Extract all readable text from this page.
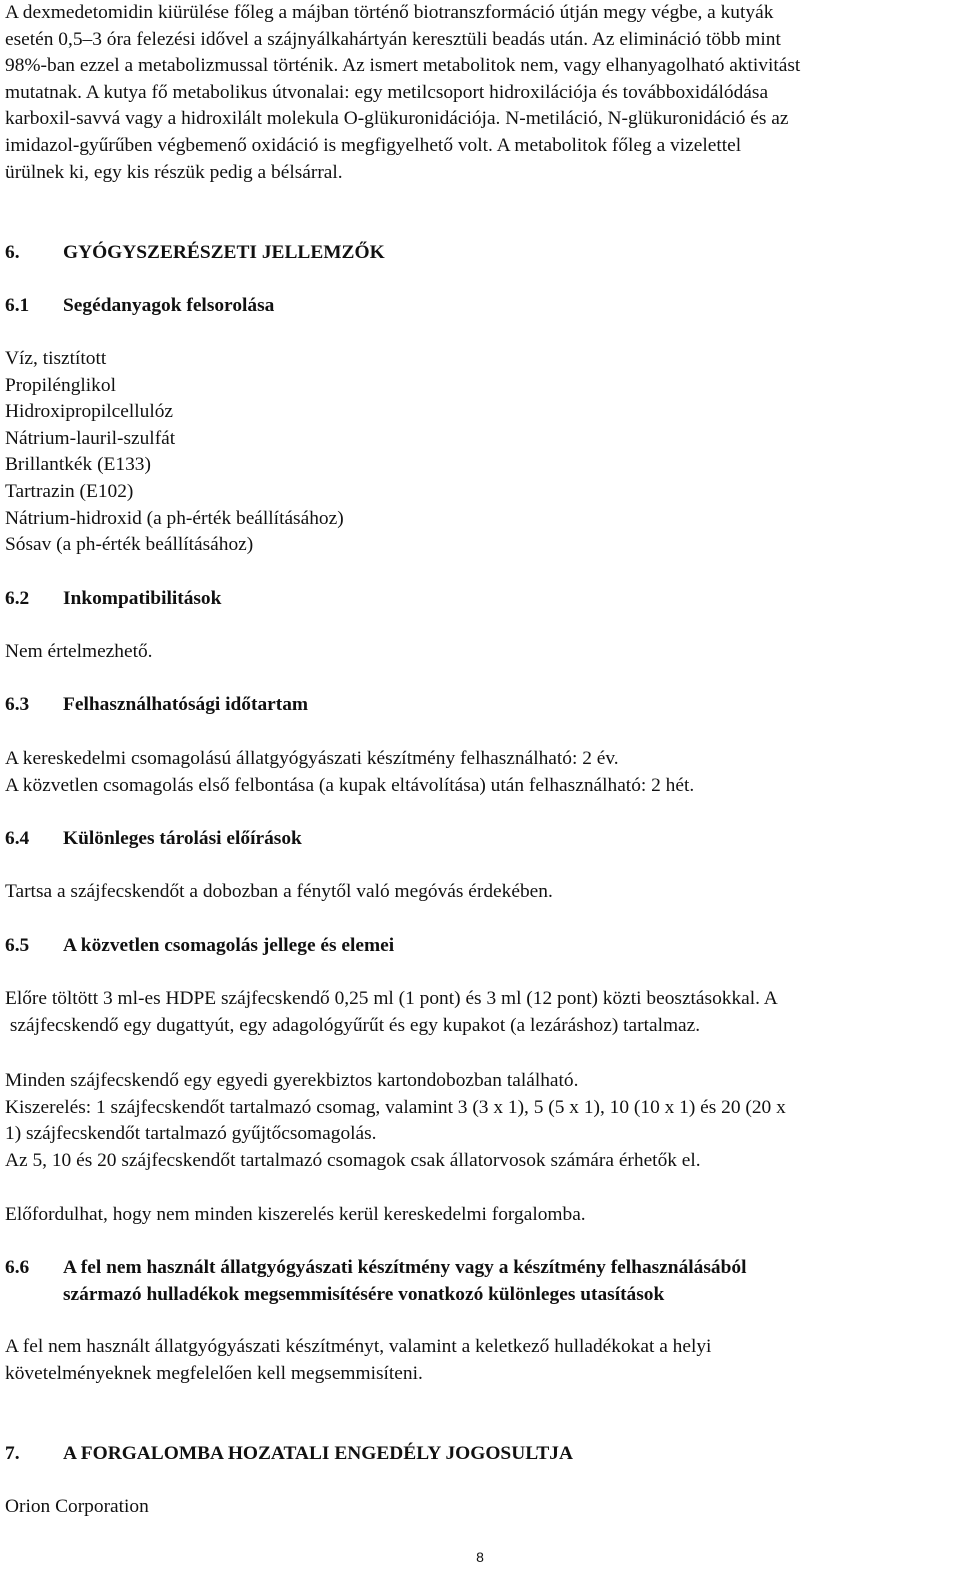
A dexmedetomidin kiürülése főleg a májban történő biotranszformáció útján megy végbe, a kutyák
esetén 0,5–3 óra felezési idővel a szájnyálkahártyán keresztüli beadás után. Az elimináció több mint
98%-ban ezzel a metabolizmussal történik. Az ismert metabolitok nem, vagy elhanyagolható aktivitást
mutatnak. A kutya fő metabolikus útvonalai: egy metilcsoport hidroxilációja és továbboxidálódása
karboxil-savvá vagy a hidroxilált molekula O-glükuronidációja. N-metiláció, N-glükuronidáció és az
imidazol-gyűrűben végbemenő oxidáció is megfigyelhető volt. A metabolitok főleg a vizelettel
ürülnek ki, egy kis részük pedig a bélsárral.
6. GYÓGYSZERÉSZETI JELLEMZŐK
6.1 Segédanyagok felsorolása
Víz, tisztított
Propilénglikol
Hidroxipropilcellulóz
Nátrium-lauril-szulfát
Brillantkék (E133)
Tartrazin (E102)
Nátrium-hidroxid (a ph-érték beállításához)
Sósav (a ph-érték beállításához)
6.2 Inkompatibilitások
Nem értelmezhető.
6.3 Felhasználhatósági időtartam
A kereskedelmi csomagolású állatgyógyászati készítmény felhasználható: 2 év.
A közvetlen csomagolás első felbontása (a kupak eltávolítása) után felhasználható: 2 hét.
6.4 Különleges tárolási előírások
Tartsa a szájfecskendőt a dobozban a fénytől való megóvás érdekében.
6.5 A közvetlen csomagolás jellege és elemei
Előre töltött 3 ml-es HDPE szájfecskendő 0,25 ml (1 pont) és 3 ml (12 pont) közti beosztásokkal. A
szájfecskendő egy dugattyút, egy adagológyűrűt és egy kupakot (a lezáráshoz) tartalmaz.
Minden szájfecskendő egy egyedi gyerekbiztos kartondobozban található.
Kiszerelés: 1 szájfecskendőt tartalmazó csomag, valamint 3 (3 x 1), 5 (5 x 1), 10 (10 x 1) és 20 (20 x
1) szájfecskendőt tartalmazó gyűjtőcsomagolás.
Az 5, 10 és 20 szájfecskendőt tartalmazó csomagok csak állatorvosok számára érhetők el.
Előfordulhat, hogy nem minden kiszerelés kerül kereskedelmi forgalomba.
6.6 A fel nem használt állatgyógyászati készítmény vagy a készítmény felhasználásából
származó hulladékok megsemmisítésére vonatkozó különleges utasítások
A fel nem használt állatgyógyászati készítményt, valamint a keletkező hulladékokat a helyi
követelményeknek megfelelően kell megsemmisíteni.
7. A FORGALOMBA HOZATALI ENGEDÉLY JOGOSULTJA
Orion Corporation
8
